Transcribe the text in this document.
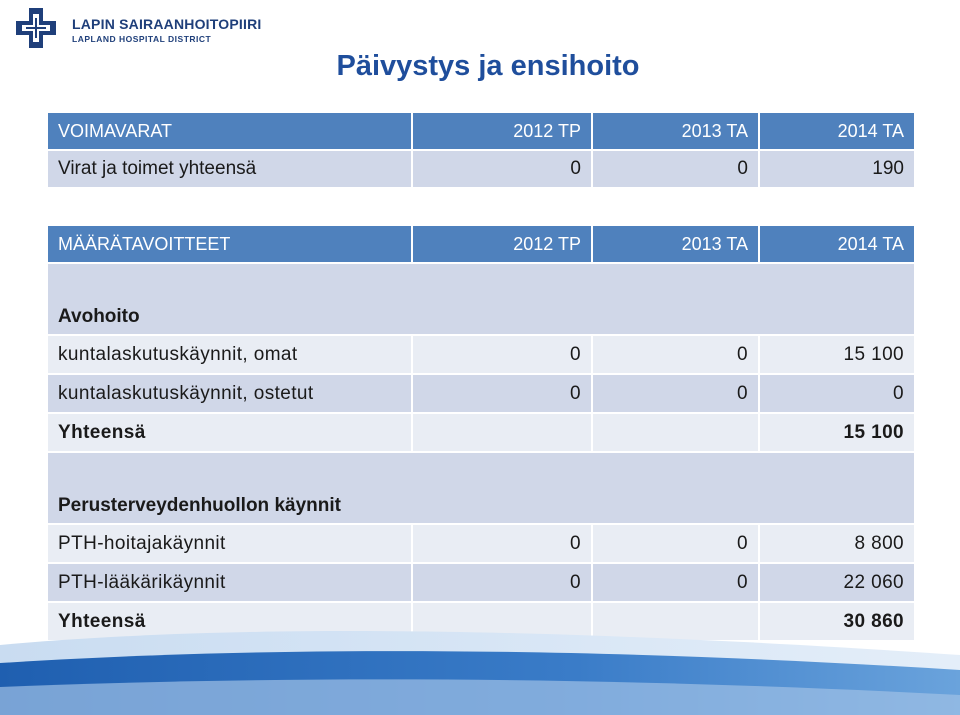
LAPIN SAIRAANHOITOPIIRI
LAPLAND HOSPITAL DISTRICT
Päivystys ja ensihoito
VOIMAVARAT	2012 TP	2013 TA	2014 TA
Virat ja toimet yhteensä	0	0	190
MÄÄRÄTAVOITTEET	2012 TP	2013 TA	2014 TA
Avohoito			
kuntalaskutuskäynnit, omat	0	0	15 100
kuntalaskutuskäynnit, ostetut	0	0	0
Yhteensä			15 100
Perusterveydenhuollon käynnit			
PTH-hoitajakäynnit	0	0	8 800
PTH-lääkärikäynnit	0	0	22 060
Yhteensä			30 860
